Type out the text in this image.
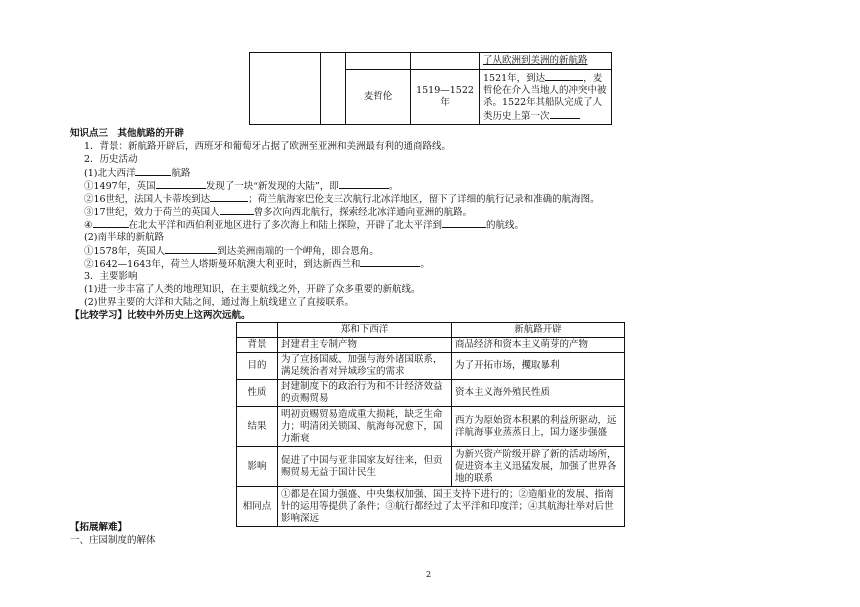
				了从欧洲到美洲的新航路
		麦哲伦	1519—1522年	1521年，到达 ，麦哲伦在介入当地人的冲突中被杀。1522年其船队完成了人类历史上第一次
知识点三　其他航路的开辟
1．背景：新航路开辟后，西班牙和葡萄牙占据了欧洲至亚洲和美洲最有利的通商路线。
2．历史活动
(1)北大西洋	航路
①1497年，英国	发现了一块“新发现的大陆”，即	。
②16世纪，法国人卡蒂埃到达	；荷兰航海家巴伦支三次航行北冰洋地区，留下了详细的航行记录和准确的航海图。
③17世纪，效力于荷兰的英国人	曾多次向西北航行，探索经北冰洋通向亚洲的航路。
④	在北太平洋和西伯利亚地区进行了多次海上和陆上探险，开辟了北太平洋到	的航线。
(2)南半球的新航路
①1578年，英国人	到达美洲南端的一个岬角，即合恩角。
②1642—1643年，荷兰人塔斯曼环航澳大利亚时，到达新西兰和	。
3．主要影响
(1)进一步丰富了人类的地理知识，在主要航线之外，开辟了众多重要的新航线。
(2)世界主要的大洋和大陆之间，通过海上航线建立了直接联系。
【比较学习】比较中外历史上这两次远航。
	郑和下西洋	新航路开辟
背景	封建君主专制产物	商品经济和资本主义萌芽的产物
目的	为了宣扬国威、加强与海外诸国联系，满足统治者对异域珍宝的需求	为了开拓市场，攫取暴利
性质	封建制度下的政治行为和不计经济效益的贡赐贸易	资本主义海外殖民性质
结果	明初贡赐贸易造成重大损耗，缺乏生命力；明清闭关锁国、航海每况愈下，国力渐衰	西方为原始资本积累的利益所驱动，远洋航海事业蒸蒸日上，国力逐步强盛
影响	促进了中国与亚非国家友好往来，但贡赐贸易无益于国计民生	为新兴资产阶级开辟了新的活动场所，促进资本主义迅猛发展，加强了世界各地的联系
相同点	①都是在国力强盛、中央集权加强、国王支持下进行的；②造船业的发展、指南针的运用等提供了条件；③航行都经过了太平洋和印度洋；④其航海壮举对后世影响深远	
【拓展解难】
一、庄园制度的解体
2
